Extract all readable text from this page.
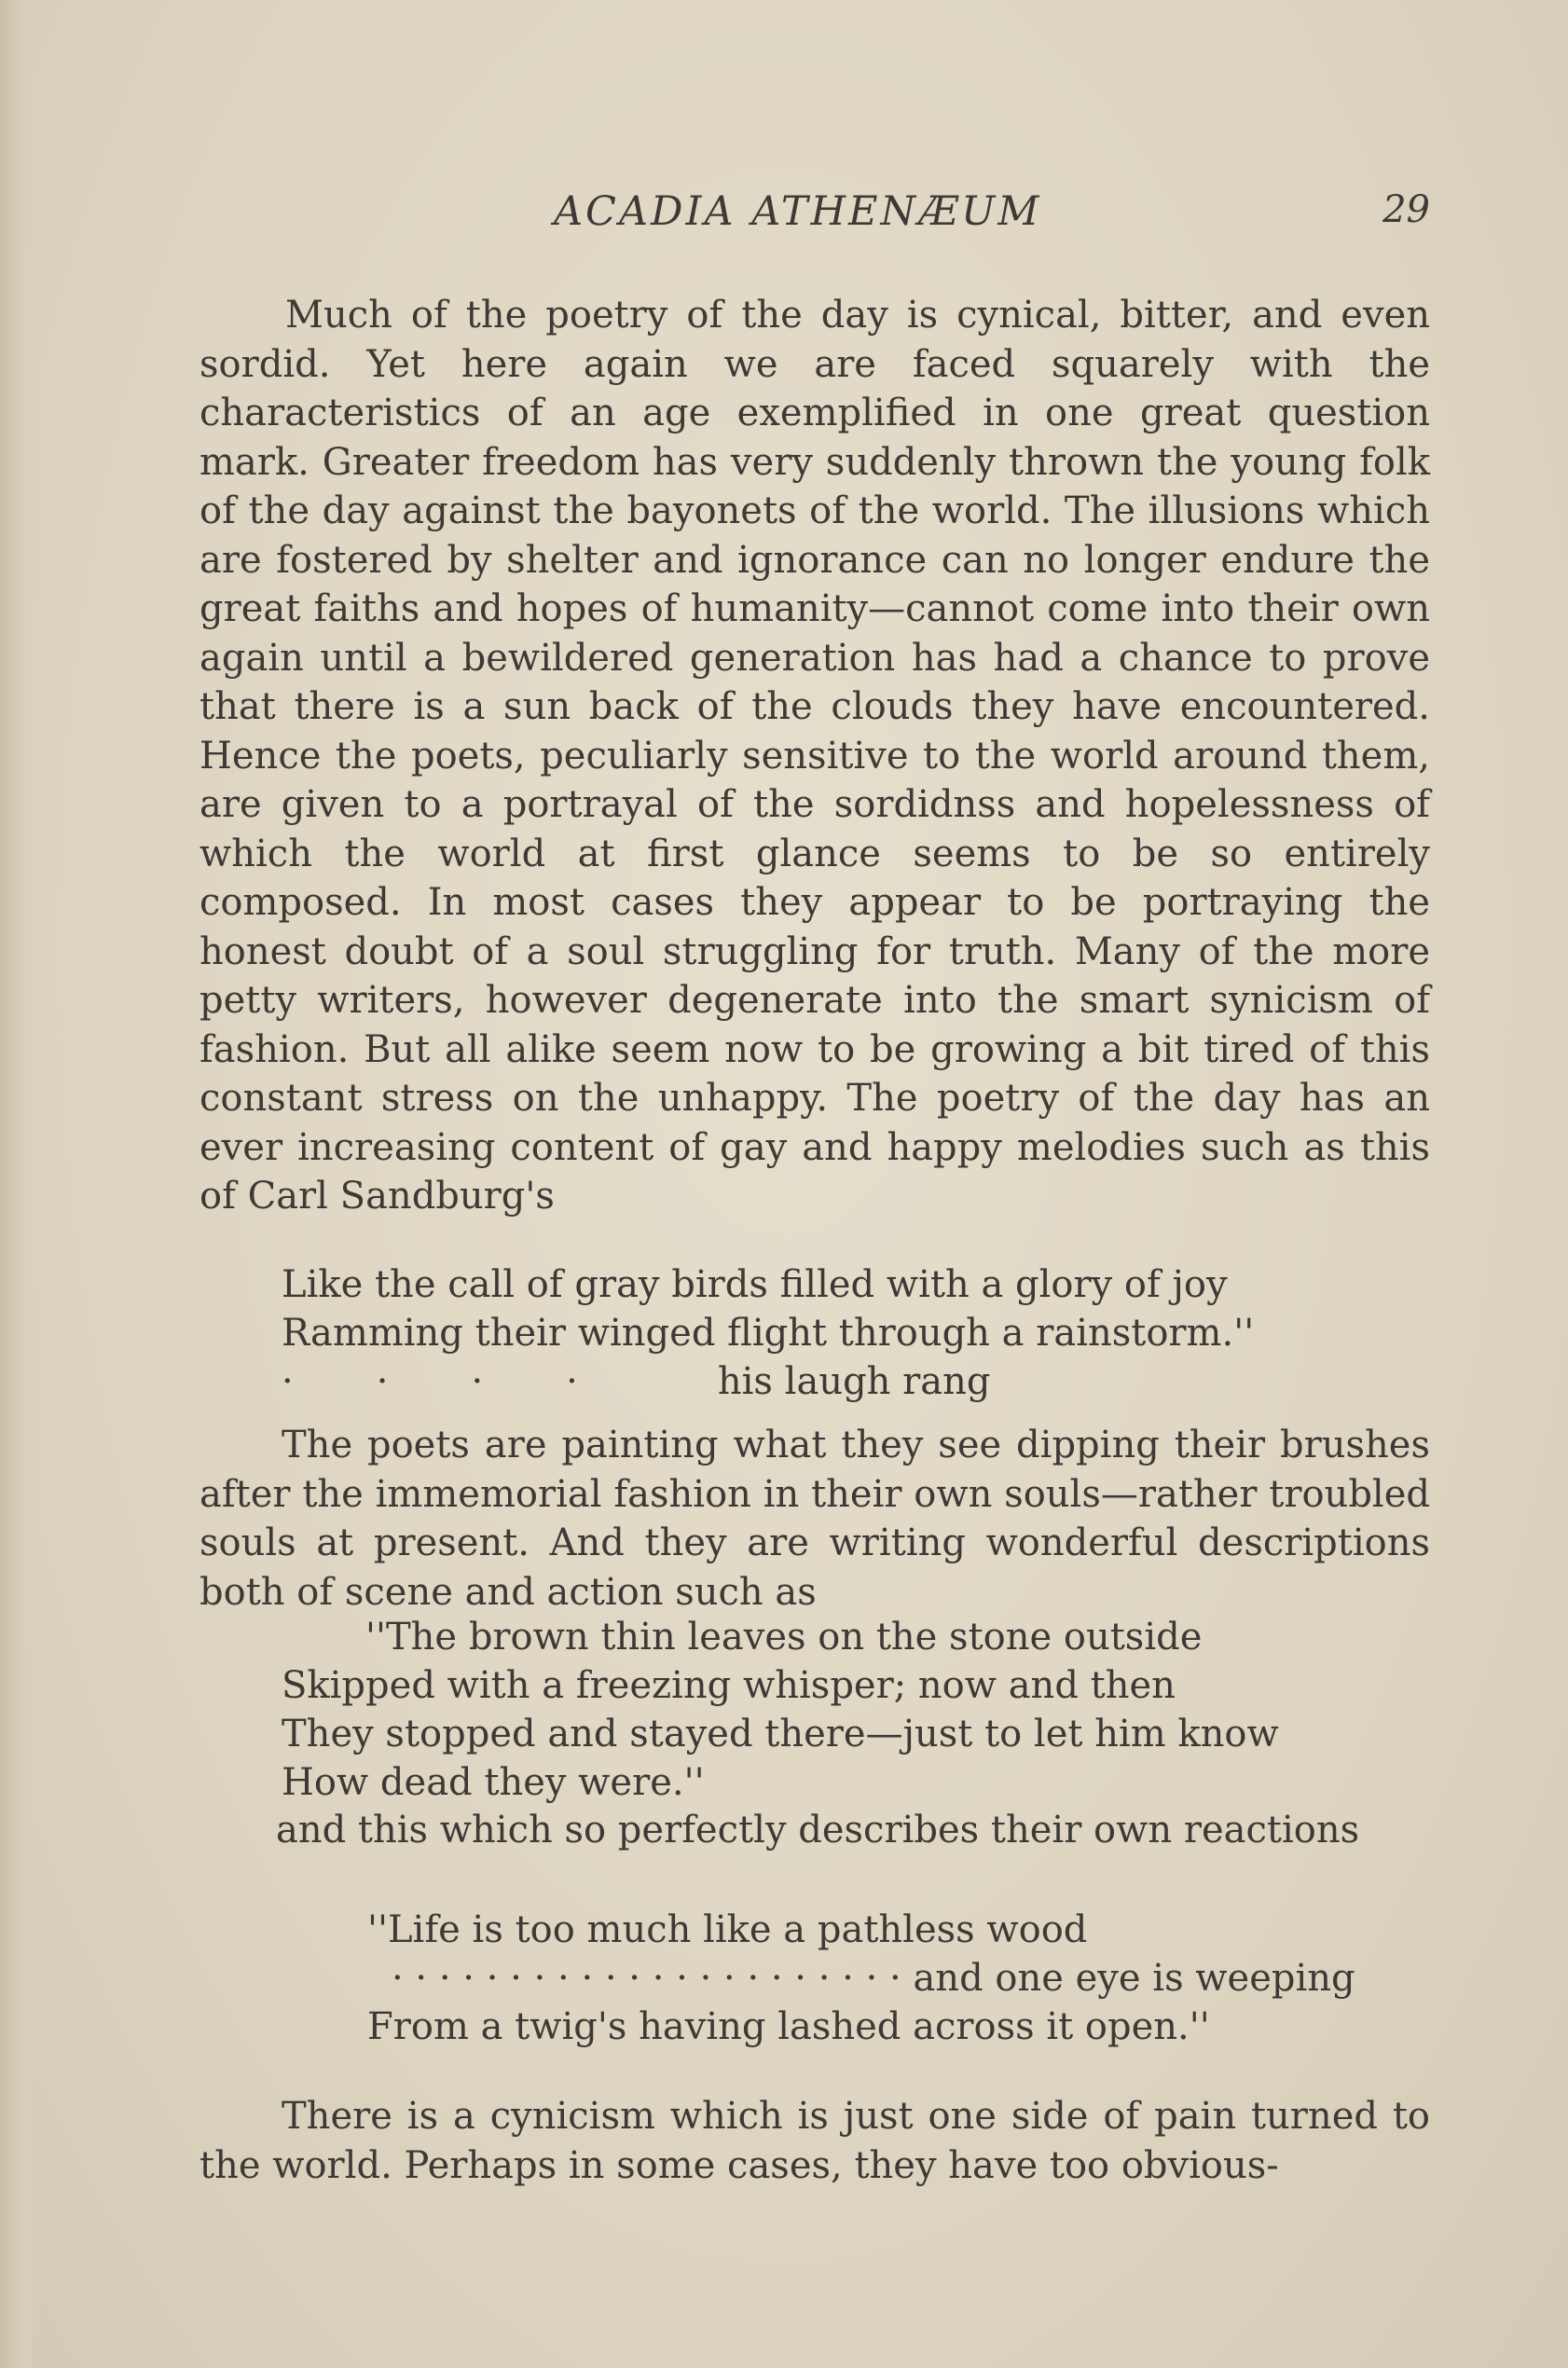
ACADIA ATHENÆUM	29

Much of the poetry of the day is cynical, bitter, and even sordid. Yet here again we are faced squarely with the characteristics of an age exemplified in one great question mark. Greater freedom has very suddenly thrown the young folk of the day against the bayonets of the world. The illusions which are fostered by shelter and ignorance can no longer endure the great faiths and hopes of humanity—cannot come into their own again until a bewildered generation has had a chance to prove that there is a sun back of the clouds they have encountered. Hence the poets, peculiarly sensitive to the world around them, are given to a portrayal of the sordidnss and hopelessness of which the world at first glance seems to be so entirely composed. In most cases they appear to be portraying the honest doubt of a soul struggling for truth. Many of the more petty writers, however degenerate into the smart synicism of fashion. But all alike seem now to be growing a bit tired of this constant stress on the unhappy. The poetry of the day has an ever increasing content of gay and happy melodies such as this of Carl Sandburg's

Like the call of gray birds filled with a glory of joy
Ramming their winged flight through a rainstorm.''
·       ·       ·       ·	his laugh rang

The poets are painting what they see dipping their brushes after the immemorial fashion in their own souls—rather troubled souls at present. And they are writing wonderful descriptions both of scene and action such as

''The brown thin leaves on the stone outside
Skipped with a freezing whisper; now and then
They stopped and stayed there—just to let him know
How dead they were.''
and this which so perfectly describes their own reactions
''Life is too much like a pathless wood
· · · · · · · · · · · · · · · · · · · · · · and one eye is weeping
From a twig's having lashed across it open.''

There is a cynicism which is just one side of pain turned to the world. Perhaps in some cases, they have too obvious-
